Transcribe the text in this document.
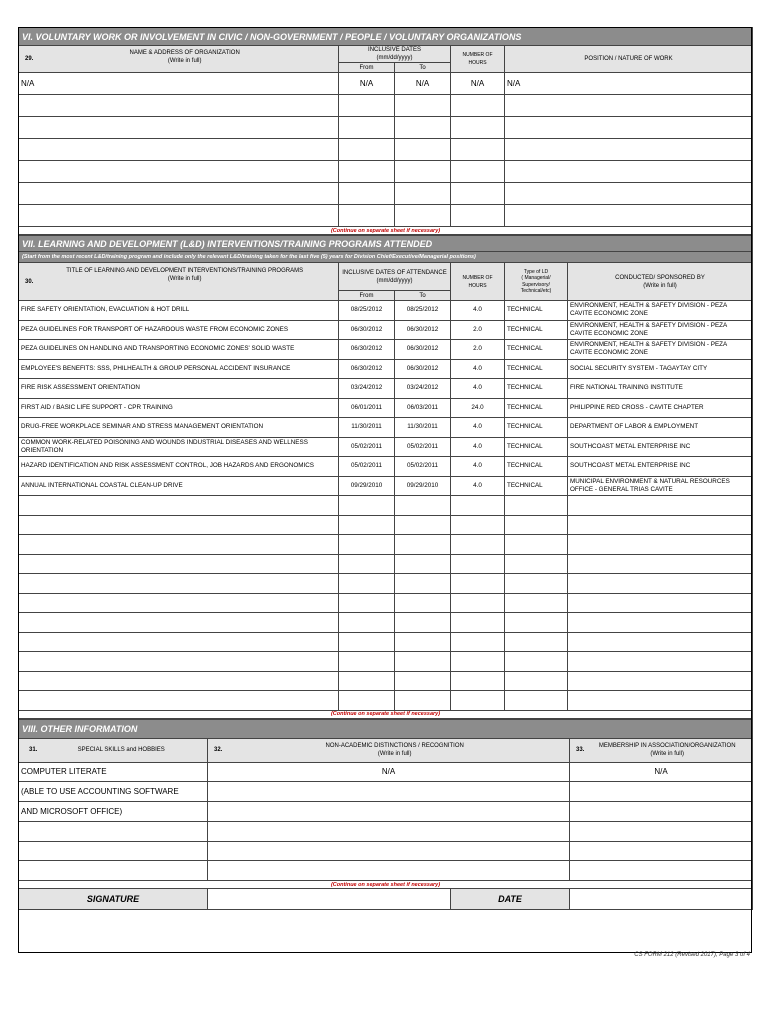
VI. VOLUNTARY WORK OR INVOLVEMENT IN CIVIC / NON-GOVERNMENT / PEOPLE / VOLUNTARY ORGANIZATIONS				

29.
NAME & ADDRESS OF ORGANIZATION
(Write in full)	INCLUSIVE DATES
(mm/dd/yyyy)		NUMBER OF HOURS	POSITION / NATURE OF WORK
	From	To		
N/A	N/A	N/A	N/A	N/A

(Continue on separate sheet if necessary)				
VII. LEARNING AND DEVELOPMENT (L&D) INTERVENTIONS/TRAINING PROGRAMS ATTENDED					
(Start from the most recent L&D/training program and include only the relevant L&D/training taken for the last five (5) years for Division Chief/Executive/Managerial positions)					

30.
TITLE OF LEARNING AND DEVELOPMENT INTERVENTIONS/TRAINING PROGRAMS
(Write in full)	INCLUSIVE DATES OF ATTENDANCE
(mm/dd/yyyy)		NUMBER OF HOURS	Type of LD
( Managerial/ Supervisory/ Technical/etc)	CONDUCTED/ SPONSORED BY
(Write in full)
	From	To			
FIRE SAFETY ORIENTATION, EVACUATION & HOT DRILL	08/25/2012	08/25/2012	4.0	TECHNICAL	ENVIRONMENT, HEALTH & SAFETY DIVISION - PEZA CAVITE ECONOMIC ZONE
PEZA GUIDELINES FOR TRANSPORT OF HAZARDOUS WASTE FROM ECONOMIC ZONES	06/30/2012	06/30/2012	2.0	TECHNICAL	ENVIRONMENT, HEALTH & SAFETY DIVISION - PEZA CAVITE ECONOMIC ZONE
PEZA GUIDELINES ON HANDLING AND TRANSPORTING ECONOMIC ZONES' SOLID WASTE	06/30/2012	06/30/2012	2.0	TECHNICAL	ENVIRONMENT, HEALTH & SAFETY DIVISION - PEZA CAVITE ECONOMIC ZONE
EMPLOYEE'S BENEFITS: SSS, PHILHEALTH & GROUP PERSONAL ACCIDENT INSURANCE	06/30/2012	06/30/2012	4.0	TECHNICAL	SOCIAL SECURITY SYSTEM - TAGAYTAY CITY
FIRE RISK ASSESSMENT ORIENTATION	03/24/2012	03/24/2012	4.0	TECHNICAL	FIRE NATIONAL TRAINING INSTITUTE
FIRST AID / BASIC LIFE SUPPORT - CPR TRAINING	06/01/2011	06/03/2011	24.0	TECHNICAL	PHILIPPINE RED CROSS - CAVITE CHAPTER
DRUG-FREE WORKPLACE SEMINAR AND STRESS MANAGEMENT ORIENTATION	11/30/2011	11/30/2011	4.0	TECHNICAL	DEPARTMENT OF LABOR & EMPLOYMENT
COMMON WORK-RELATED POISONING AND WOUNDS INDUSTRIAL DISEASES AND WELLNESS ORIENTATION	05/02/2011	05/02/2011	4.0	TECHNICAL	SOUTHCOAST METAL ENTERPRISE INC
HAZARD IDENTIFICATION AND RISK ASSESSMENT CONTROL, JOB HAZARDS AND ERGONOMICS	05/02/2011	05/02/2011	4.0	TECHNICAL	SOUTHCOAST METAL ENTERPRISE INC
ANNUAL INTERNATIONAL COASTAL CLEAN-UP DRIVE	09/29/2010	09/29/2010	4.0	TECHNICAL	MUNICIPAL ENVIRONMENT & NATURAL RESOURCES OFFICE - GENERAL TRIAS CAVITE

(Continue on separate sheet if necessary)					
VIII. OTHER INFORMATION			

31. SPECIAL SKILLS and HOBBIES	32.
NON-ACADEMIC DISTINCTIONS / RECOGNITION
(Write in full)		33.
MEMBERSHIP IN ASSOCIATION/ORGANIZATION
(Write in full)
COMPUTER LITERATE	N/A		N/A
(ABLE TO USE ACCOUNTING SOFTWARE			
AND MICROSOFT OFFICE)			

(Continue on separate sheet if necessary)			
SIGNATURE		DATE	
CS FORM 212 (Revised 2017), Page 3 of 4
